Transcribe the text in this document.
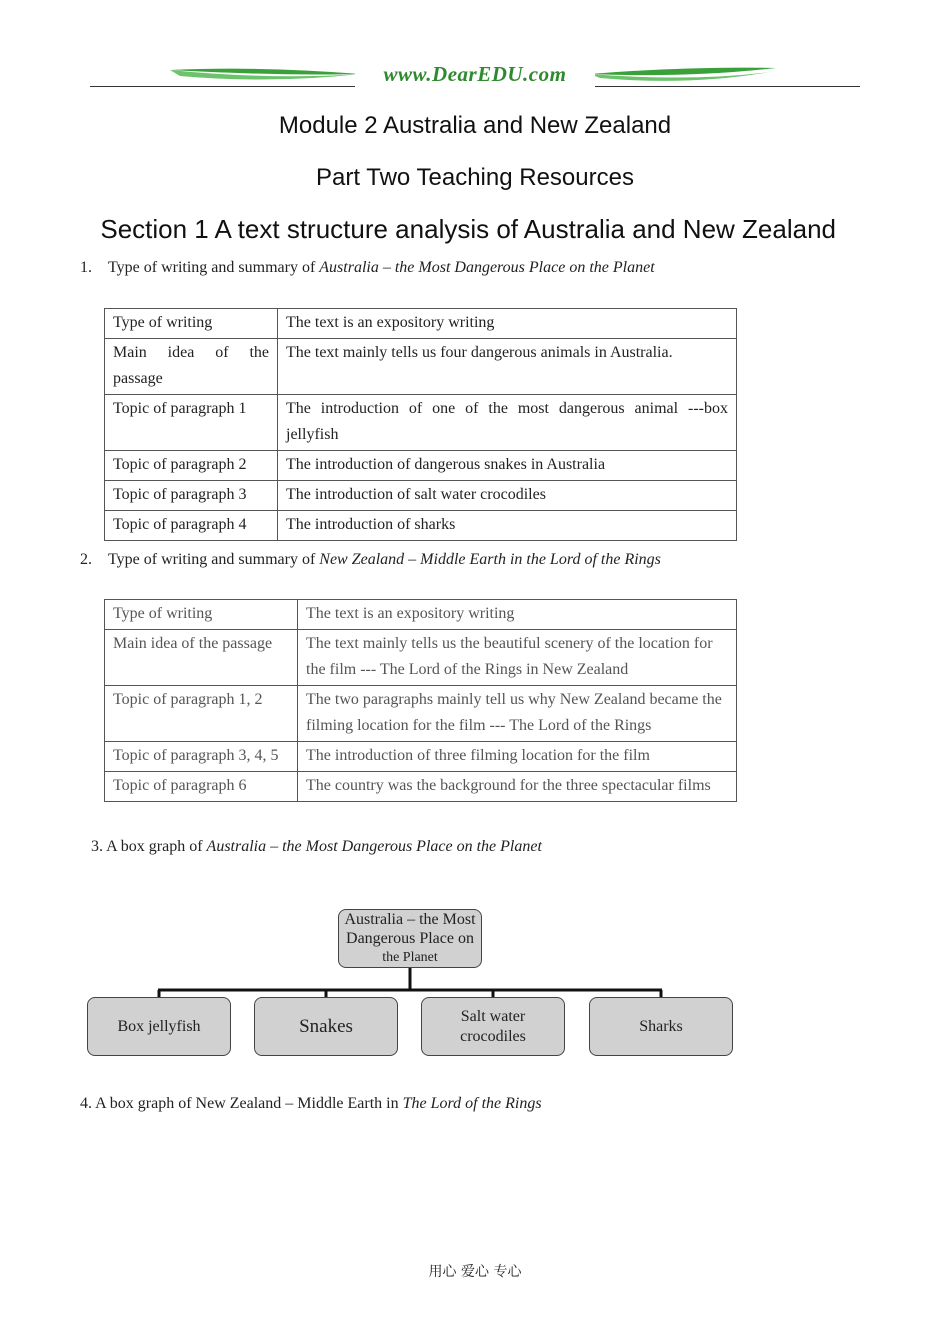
www.DearEDU.com
Module 2 Australia and New Zealand
Part Two Teaching Resources
Section 1 A text structure analysis of Australia and New Zealand
1. Type of writing and summary of Australia – the Most Dangerous Place on the Planet
Type of writing	The text is an expository writing

Main idea of the passage	The text mainly tells us four dangerous animals in Australia.
Topic of paragraph 1	The introduction of one of the most dangerous animal ---box jellyfish
Topic of paragraph 2	The introduction of dangerous snakes in Australia
Topic of paragraph 3	The introduction of salt water crocodiles
Topic of paragraph 4	The introduction of sharks
2. Type of writing and summary of New Zealand – Middle Earth in the Lord of the Rings
Type of writing	The text is an expository writing
Main idea of the passage	The text mainly tells us the beautiful scenery of the location for the film --- The Lord of the Rings in New Zealand
Topic of paragraph 1, 2	The two paragraphs mainly tell us why New Zealand became the filming location for the film --- The Lord of the Rings
Topic of paragraph 3, 4, 5	The introduction of three filming location for the film
Topic of paragraph 6	The country was the background for the three spectacular films
3. A box graph of Australia – the Most Dangerous Place on the Planet
Australia – the Most
Dangerous Place on
the Planet
Box jellyfish	Snakes	Salt water
crocodiles
Sharks
4. A box graph of New Zealand – Middle Earth in The Lord of the Rings
用心 爱心 专心
